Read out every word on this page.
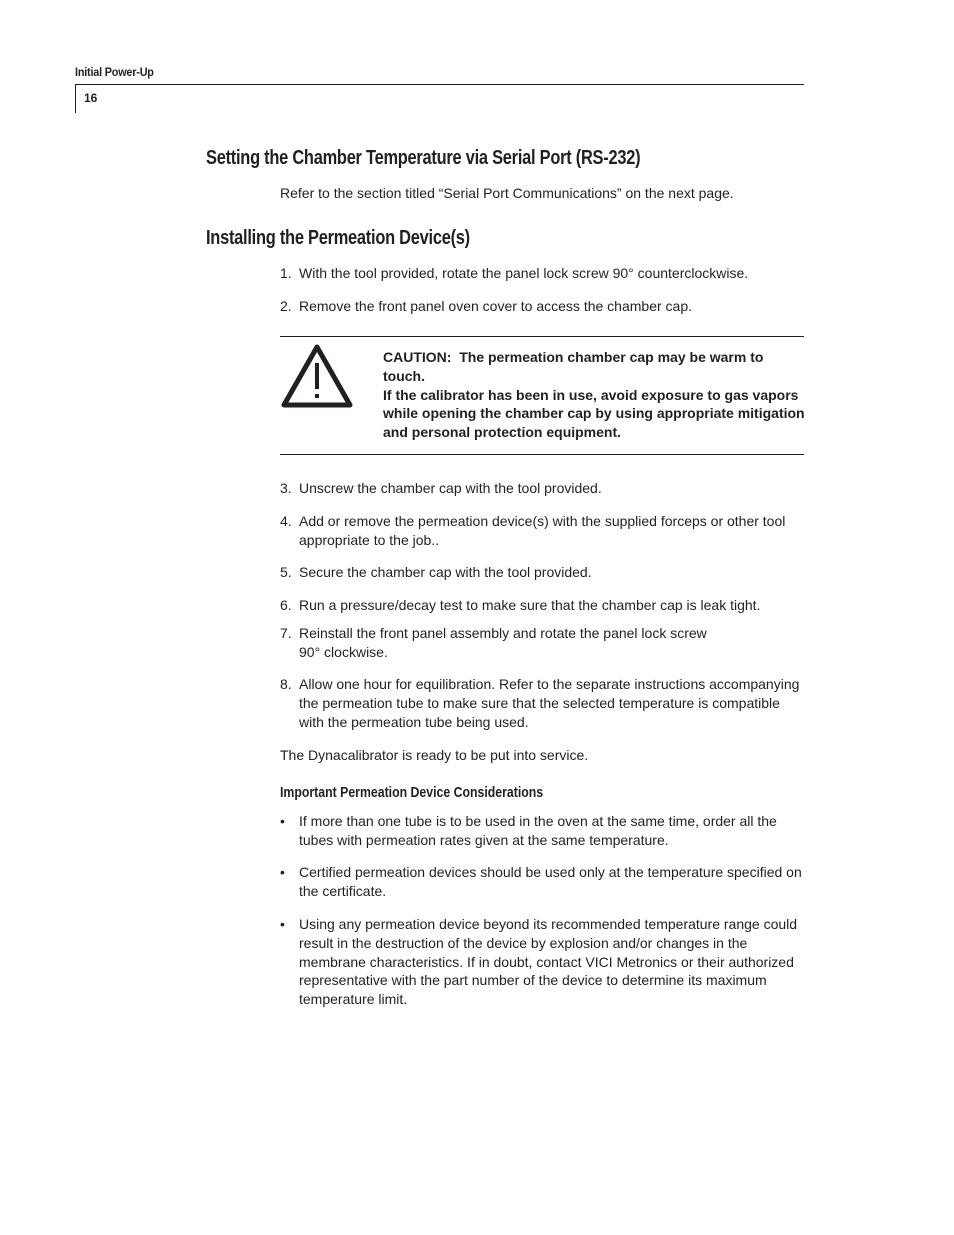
Initial Power-Up
16
Setting the Chamber Temperature via Serial Port (RS-232)
Refer to the section titled “Serial Port Communications” on the next page.
Installing the Permeation Device(s)
1. With the tool provided, rotate the panel lock screw 90° counterclockwise.
2. Remove the front panel oven cover to access the chamber cap.
CAUTION: The permeation chamber cap may be warm to touch.
If the calibrator has been in use, avoid exposure to gas vapors while opening the chamber cap by using appropriate mitigation and personal protection equipment.
3. Unscrew the chamber cap with the tool provided.
4. Add or remove the permeation device(s) with the supplied forceps or other tool appropriate to the job..
5. Secure the chamber cap with the tool provided.
6. Run a pressure/decay test to make sure that the chamber cap is leak tight.
7. Reinstall the front panel assembly and rotate the panel lock screw 90° clockwise.
8. Allow one hour for equilibration. Refer to the separate instructions accompanying the permeation tube to make sure that the selected temperature is compatible with the permeation tube being used.
The Dynacalibrator is ready to be put into service.
Important Permeation Device Considerations
• If more than one tube is to be used in the oven at the same time, order all the tubes with permeation rates given at the same temperature.
• Certified permeation devices should be used only at the temperature specified on the certificate.
• Using any permeation device beyond its recommended temperature range could result in the destruction of the device by explosion and/or changes in the membrane characteristics. If in doubt, contact VICI Metronics or their authorized representative with the part number of the device to determine its maximum temperature limit.
